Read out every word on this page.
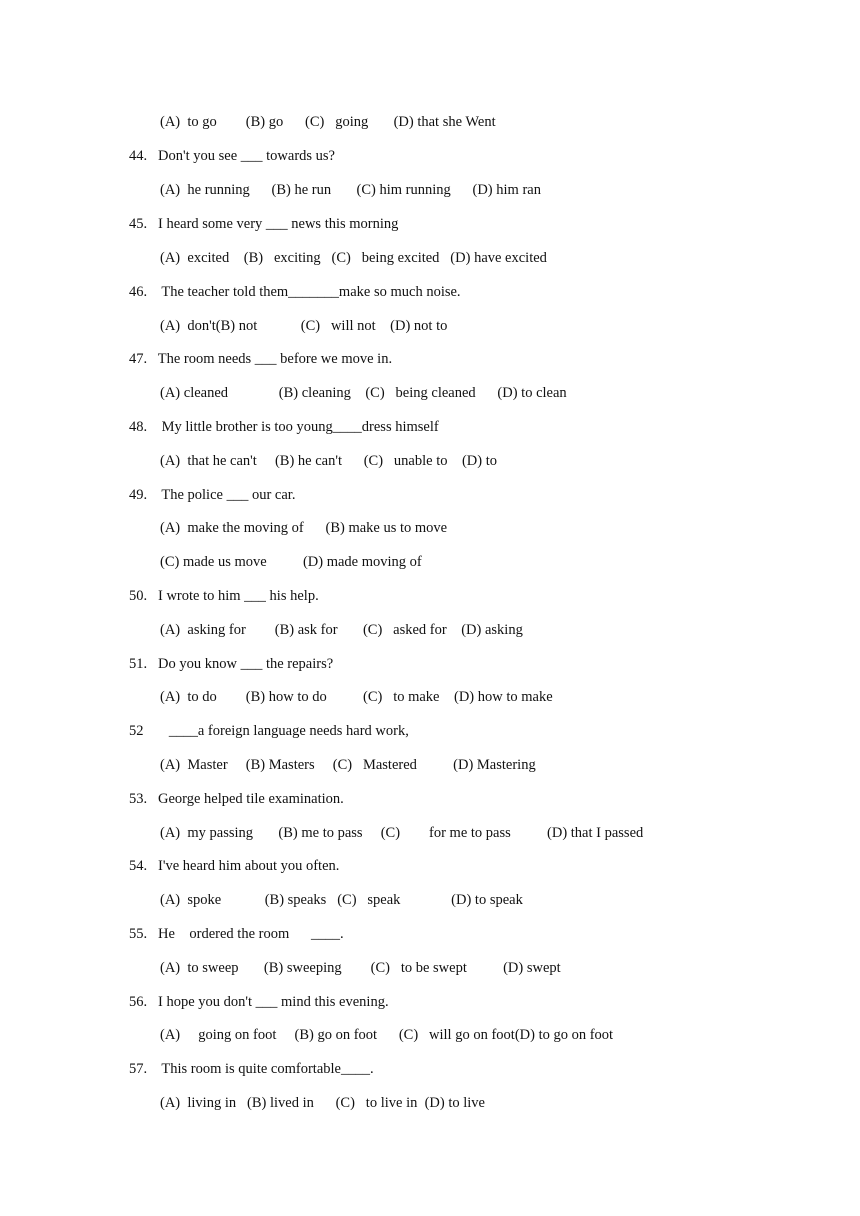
(A)  to go        (B) go      (C)   going       (D) that she Went
44.   Don't you see ___ towards us?
(A)  he running      (B) he run       (C) him running      (D) him ran
45.   I heard some very ___ news this morning
(A)  excited    (B)   exciting   (C)   being excited   (D) have excited
46.    The teacher told them_______make so much noise.
(A)  don't(B) not            (C)   will not    (D) not to
47.   The room needs ___ before we move in.
(A) cleaned              (B) cleaning    (C)   being cleaned      (D) to clean
48.    My little brother is too young____dress himself
(A)  that he can't     (B) he can't      (C)   unable to    (D) to
49.    The police ___ our car.
(A)  make the moving of      (B) make us to move
(C) made us move          (D) made moving of
50.   I wrote to him ___ his help.
(A)  asking for        (B) ask for       (C)   asked for    (D) asking
51.   Do you know ___ the repairs?
(A)  to do        (B) how to do          (C)   to make    (D) how to make
52       ____a foreign language needs hard work,
(A)  Master     (B) Masters     (C)   Mastered          (D) Mastering
53.   George helped tile examination.
(A)  my passing       (B) me to pass     (C)        for me to pass          (D) that I passed
54.   I've heard him about you often.
(A)  spoke            (B) speaks   (C)   speak              (D) to speak
55.   He    ordered the room      ____.
(A)  to sweep       (B) sweeping        (C)   to be swept          (D) swept
56.   I hope you don't ___ mind this evening.
(A)     going on foot     (B) go on foot      (C)   will go on foot(D) to go on foot
57.    This room is quite comfortable____.
(A)  living in   (B) lived in      (C)   to live in  (D) to live
